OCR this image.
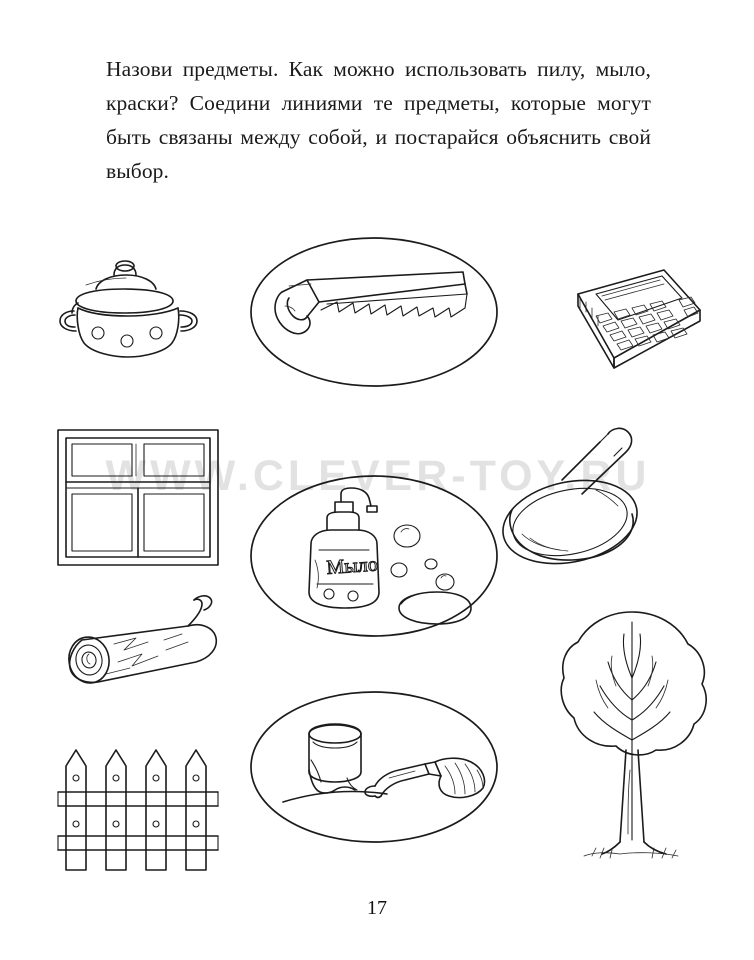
Назови предметы. Как можно использовать пилу, мыло, краски? Соедини линиями те предметы, которые могут быть связаны между собой, и постарайся объяснить свой выбор.
WWW.CLEVER-TOY.RU
Мыло
17
